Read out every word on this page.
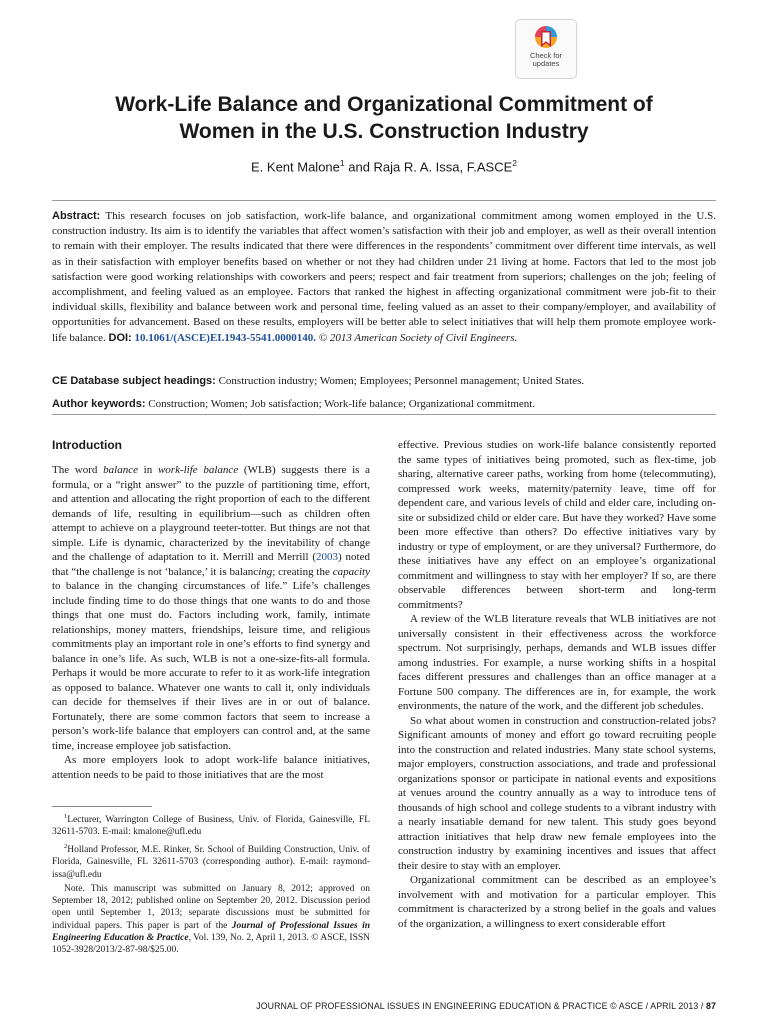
Check for
updates
Work-Life Balance and Organizational Commitment of
Women in the U.S. Construction Industry
E. Kent Malone$^1$ and Raja R. A. Issa, F.ASCE$^2$
Abstract: This research focuses on job satisfaction, work-life balance, and organizational commitment among women employed in the U.S. construction industry. Its aim is to identify the variables that affect women’s satisfaction with their job and employer, as well as their overall intention to remain with their employer. The results indicated that there were differences in the respondents’ commitment over different time intervals, as well as in their satisfaction with employer benefits based on whether or not they had children under 21 living at home. Factors that led to the most job satisfaction were good working relationships with coworkers and peers; respect and fair treatment from superiors; challenges on the job; feeling of accomplishment, and feeling valued as an employee. Factors that ranked the highest in affecting organizational commitment were job-fit to their individual skills, flexibility and balance between work and personal time, feeling valued as an asset to their company/employer, and availability of opportunities for advancement. Based on these results, employers will be better able to select initiatives that will help them promote employee work-life balance. DOI: 10.1061/(ASCE)EI.1943-5541.0000140. © 2013 American Society of Civil Engineers.
CE Database subject headings: Construction industry; Women; Employees; Personnel management; United States.
Author keywords: Construction; Women; Job satisfaction; Work-life balance; Organizational commitment.
Introduction

The word balance in work-life balance (WLB) suggests there is a formula, or a “right answer” to the puzzle of partitioning time, effort, and attention and allocating the right proportion of each to the different demands of life, resulting in equilibrium—such as children often attempt to achieve on a playground teeter-totter. But things are not that simple. Life is dynamic, characterized by the inevitability of change and the challenge of adaptation to it. Merrill and Merrill (2003) noted that “the challenge is not ‘balance,’ it is balancing; creating the capacity to balance in the changing circumstances of life.” Life’s challenges include finding time to do those things that one wants to do and those things that one must do. Factors including work, family, intimate relationships, money matters, friendships, leisure time, and religious commitments play an important role in one’s efforts to find synergy and balance in one’s life. As such, WLB is not a one-size-fits-all formula. Perhaps it would be more accurate to refer to it as work-life integration as opposed to balance. Whatever one wants to call it, only individuals can decide for themselves if their lives are in or out of balance. Fortunately, there are some common factors that seem to increase a person’s work-life balance that employers can control and, at the same time, increase employee job satisfaction.

As more employers look to adopt work-life balance initiatives, attention needs to be paid to those initiatives that are the most

effective. Previous studies on work-life balance consistently reported the same types of initiatives being promoted, such as flex-time, job sharing, alternative career paths, working from home (telecommuting), compressed work weeks, maternity/paternity leave, time off for dependent care, and various levels of child and elder care, including on-site or subsidized child or elder care. But have they worked? Have some been more effective than others? Do effective initiatives vary by industry or type of employment, or are they universal? Furthermore, do these initiatives have any effect on an employee’s organizational commitment and willingness to stay with her employer? If so, are there observable differences between short-term and long-term commitments?

A review of the WLB literature reveals that WLB initiatives are not universally consistent in their effectiveness across the workforce spectrum. Not surprisingly, perhaps, demands and WLB issues differ among industries. For example, a nurse working shifts in a hospital faces different pressures and challenges than an office manager at a Fortune 500 company. The differences are in, for example, the work environments, the nature of the work, and the different job schedules.

So what about women in construction and construction-related jobs? Significant amounts of money and effort go toward recruiting people into the construction and related industries. Many state school systems, major employers, construction associations, and trade and professional organizations sponsor or participate in national events and expositions at venues around the country annually as a way to introduce tens of thousands of high school and college students to a vibrant industry with a nearly insatiable demand for new talent. This study goes beyond attraction initiatives that help draw new female employees into the construction industry by examining incentives and issues that affect their desire to stay with an employer.

Organizational commitment can be described as an employee’s involvement with and motivation for a particular employer. This commitment is characterized by a strong belief in the goals and values of the organization, a willingness to exert considerable effort

$^1$Lecturer, Warrington College of Business, Univ. of Florida, Gainesville, FL 32611-5703. E-mail: kmalone@ufl.edu

$^2$Holland Professor, M.E. Rinker, Sr. School of Building Construction, Univ. of Florida, Gainesville, FL 32611-5703 (corresponding author). E-mail: raymond-issa@ufl.edu

Note. This manuscript was submitted on January 8, 2012; approved on September 18, 2012; published online on September 20, 2012. Discussion period open until September 1, 2013; separate discussions must be submitted for individual papers. This paper is part of the Journal of Professional Issues in Engineering Education & Practice, Vol. 139, No. 2, April 1, 2013. © ASCE, ISSN 1052-3928/2013/2-87-98/$25.00.

JOURNAL OF PROFESSIONAL ISSUES IN ENGINEERING EDUCATION & PRACTICE © ASCE / APRIL 2013 / 87
